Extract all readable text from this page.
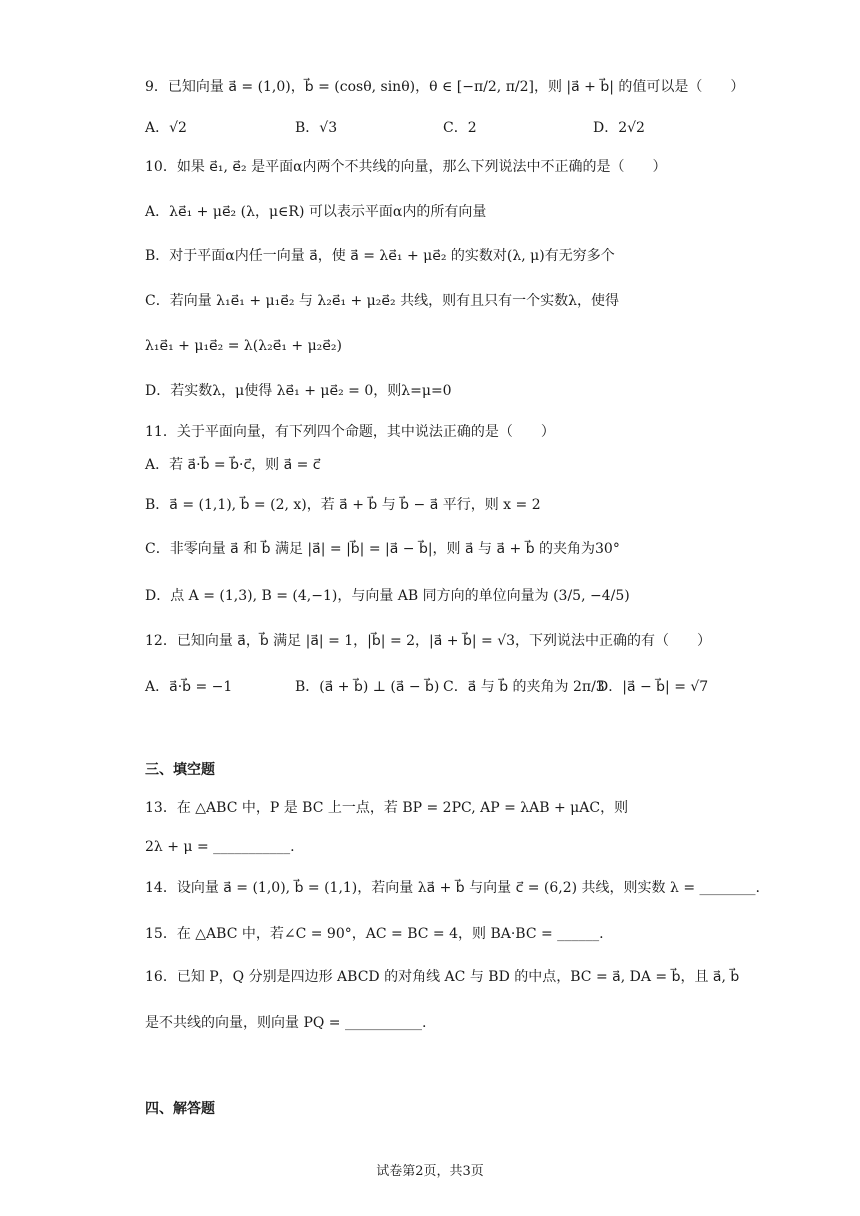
9．已知向量 a⃗ = (1,0)，b⃗ = (cosθ, sinθ)，θ ∈ [−π/2, π/2]，则 |a⃗ + b⃗| 的值可以是（　　）
A．√2	B．√3	C．2	D．2√2
10．如果 e⃗₁, e⃗₂ 是平面α内两个不共线的向量，那么下列说法中不正确的是（　　）
A．λe⃗₁ + μe⃗₂ (λ，μ∈R) 可以表示平面α内的所有向量
B．对于平面α内任一向量 a⃗，使 a⃗ = λe⃗₁ + μe⃗₂ 的实数对(λ, μ)有无穷多个
C．若向量 λ₁e⃗₁ + μ₁e⃗₂ 与 λ₂e⃗₁ + μ₂e⃗₂ 共线，则有且只有一个实数λ，使得
λ₁e⃗₁ + μ₁e⃗₂ = λ(λ₂e⃗₁ + μ₂e⃗₂)
D．若实数λ，μ使得 λe⃗₁ + μe⃗₂ = 0，则λ=μ=0
11．关于平面向量，有下列四个命题，其中说法正确的是（　　）
A．若 a⃗·b⃗ = b⃗·c⃗，则 a⃗ = c⃗
B．a⃗ = (1,1), b⃗ = (2, x)，若 a⃗ + b⃗ 与 b⃗ − a⃗ 平行，则 x = 2
C．非零向量 a⃗ 和 b⃗ 满足 |a⃗| = |b⃗| = |a⃗ − b⃗|，则 a⃗ 与 a⃗ + b⃗ 的夹角为30°
D．点 A = (1,3), B = (4,−1)，与向量 AB 同方向的单位向量为 (3/5, −4/5)
12．已知向量 a⃗，b⃗ 满足 |a⃗| = 1，|b⃗| = 2，|a⃗ + b⃗| = √3，下列说法中正确的有（　　）
A．a⃗·b⃗ = −1	B．(a⃗ + b⃗) ⊥ (a⃗ − b⃗) C．a⃗ 与 b⃗ 的夹角为 2π/3
D．|a⃗ − b⃗| = √7
三、填空题
13．在 △ABC 中，P 是 BC 上一点，若 BP = 2PC, AP = λAB + μAC，则
2λ + μ = ___________.
14．设向量 a⃗ = (1,0), b⃗ = (1,1)，若向量 λa⃗ + b⃗ 与向量 c⃗ = (6,2) 共线，则实数 λ = ________.
15．在 △ABC 中，若∠C = 90°，AC = BC = 4，则 BA·BC = ______.
16．已知 P，Q 分别是四边形 ABCD 的对角线 AC 与 BD 的中点，BC = a⃗, DA = b⃗，且 a⃗, b⃗
是不共线的向量，则向量 PQ = ___________.
四、解答题
试卷第2页，共3页
